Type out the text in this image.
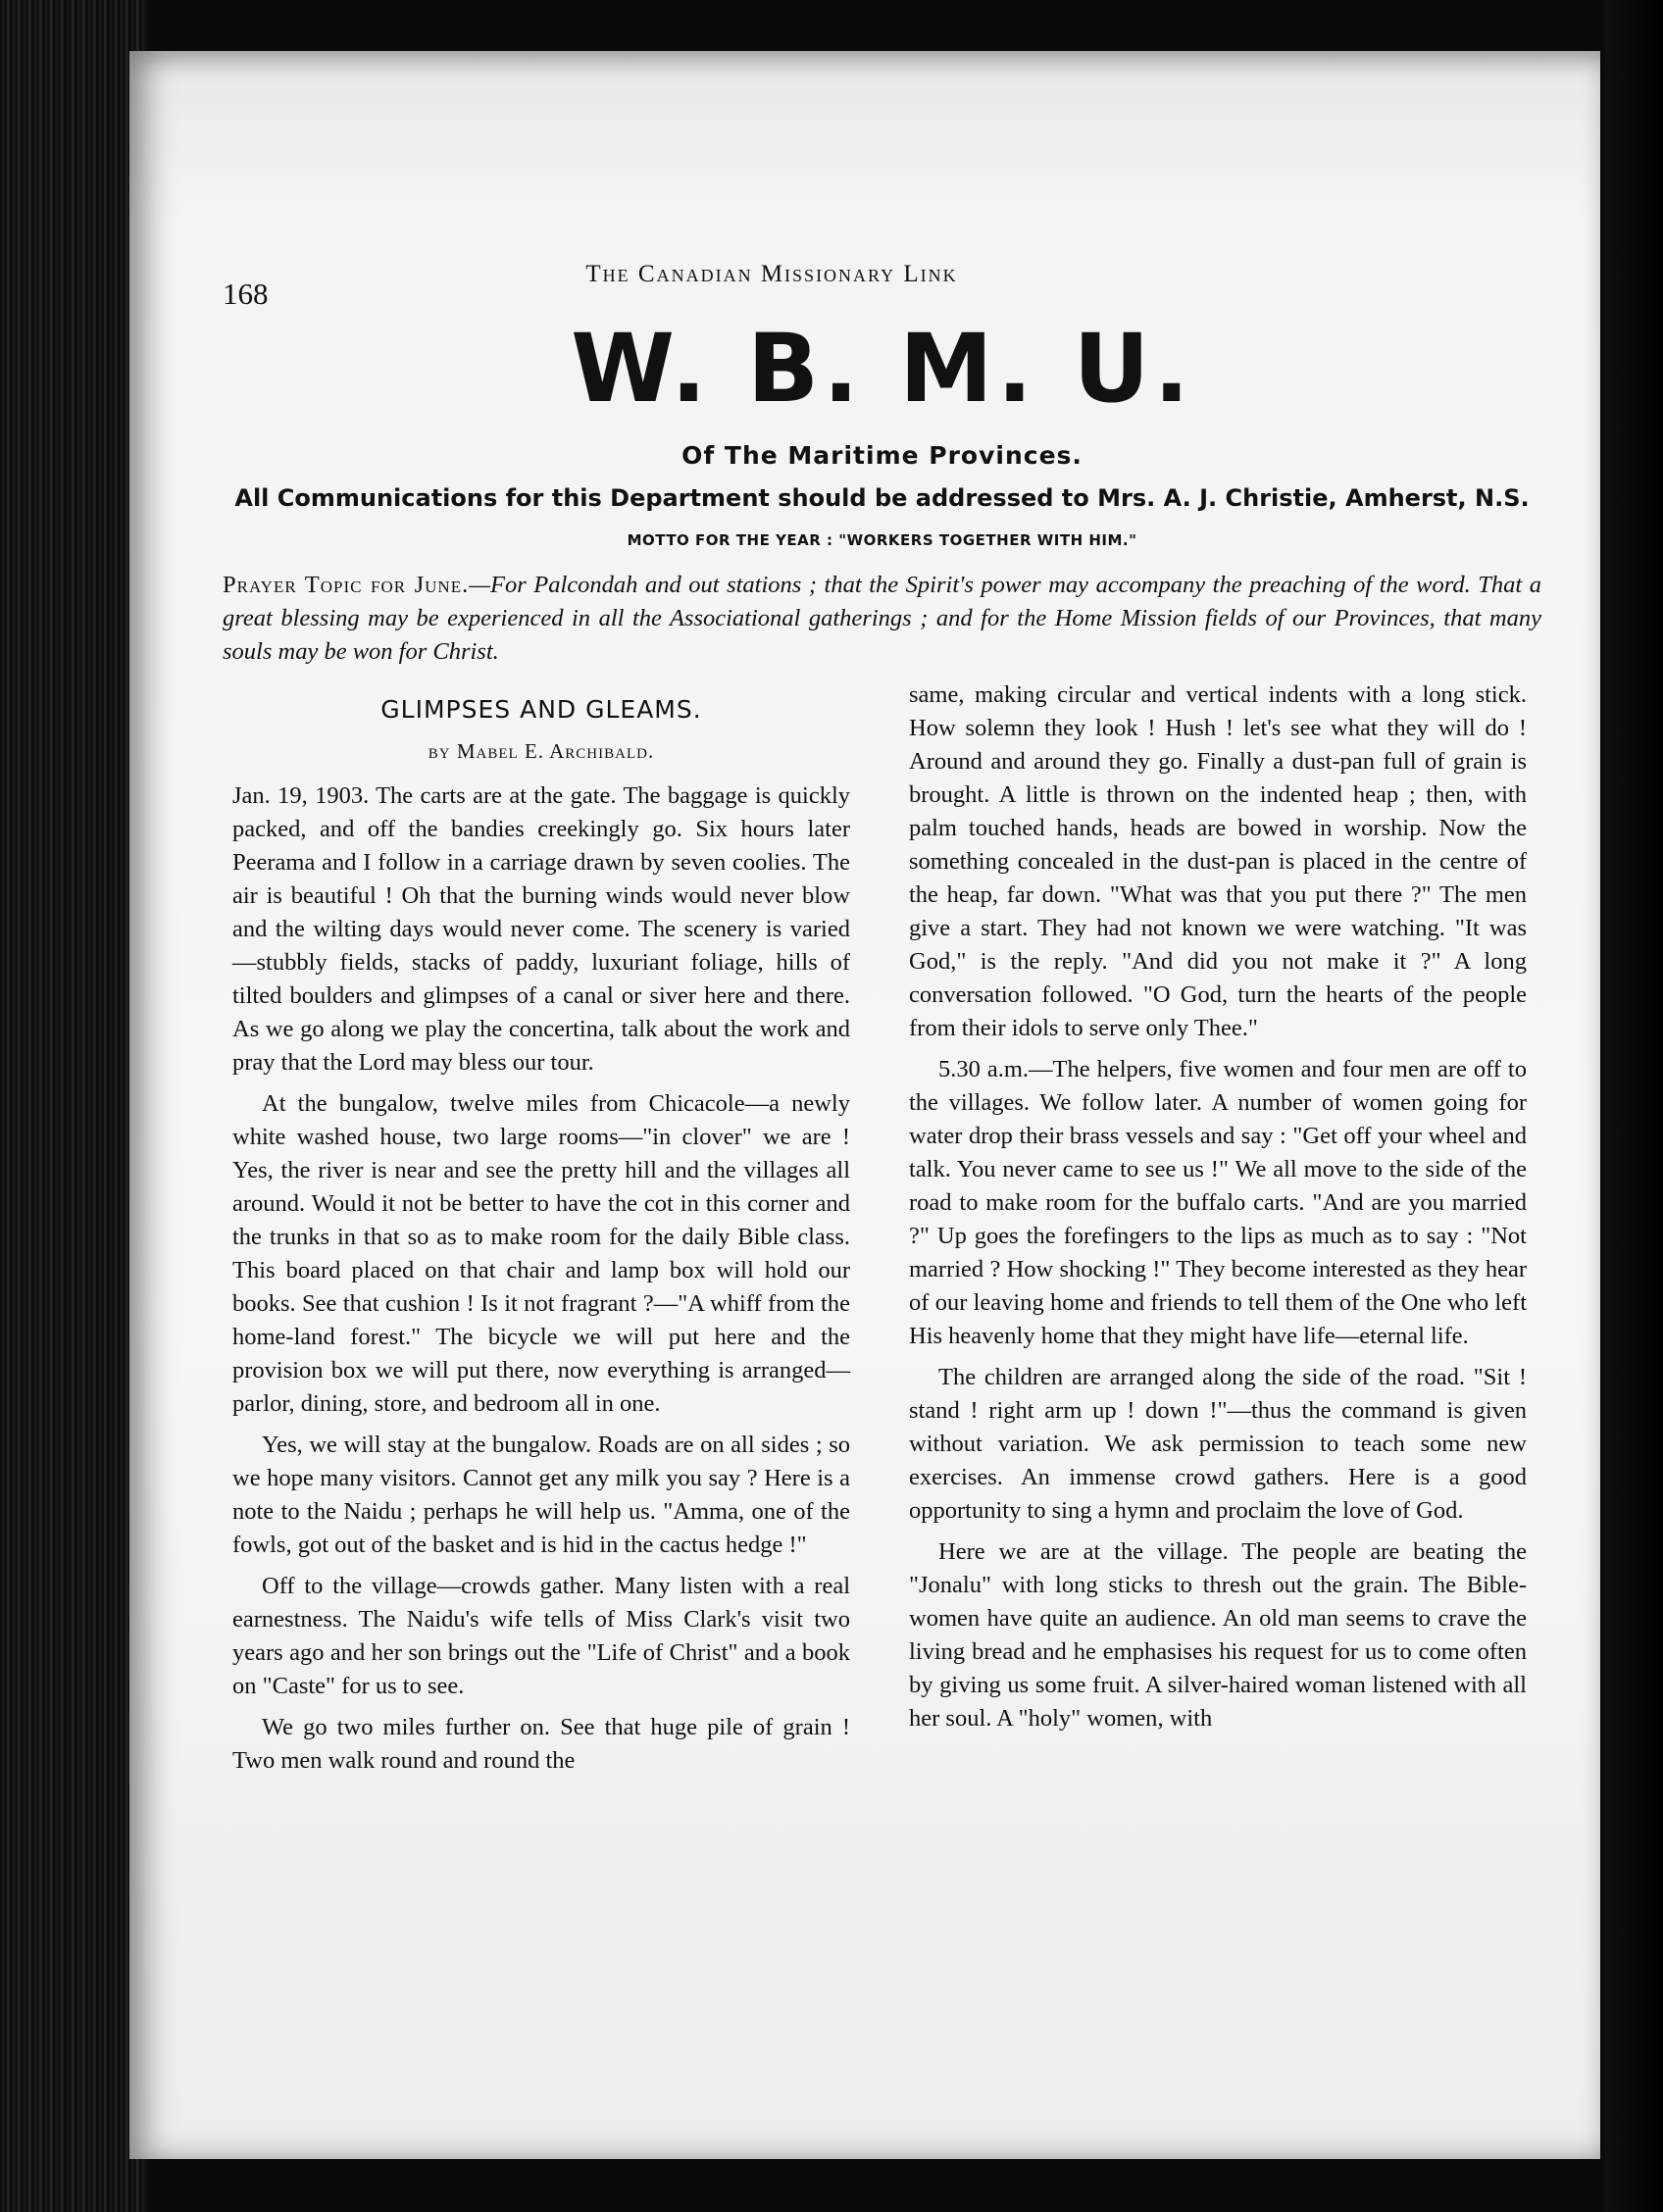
168
The Canadian Missionary Link
W. B. M. U.
Of The Maritime Provinces.
All Communications for this Department should be addressed to Mrs. A. J. Christie, Amherst, N.S.
MOTTO FOR THE YEAR : "WORKERS TOGETHER WITH HIM."
Prayer Topic for June.—For Palcondah and out stations ; that the Spirit's power may accompany the preaching of the word. That a great blessing may be experienced in all the Associational gatherings ; and for the Home Mission fields of our Provinces, that many souls may be won for Christ.
GLIMPSES AND GLEAMS.
by Mabel E. Archibald.

Jan. 19, 1903. The carts are at the gate. The baggage is quickly packed, and off the bandies creekingly go. Six hours later Peerama and I follow in a carriage drawn by seven coolies. The air is beautiful ! Oh that the burning winds would never blow and the wilting days would never come. The scenery is varied—stubbly fields, stacks of paddy, luxuriant foliage, hills of tilted boulders and glimpses of a canal or siver here and there. As we go along we play the concertina, talk about the work and pray that the Lord may bless our tour.

At the bungalow, twelve miles from Chicacole—a newly white washed house, two large rooms—"in clover" we are ! Yes, the river is near and see the pretty hill and the villages all around. Would it not be better to have the cot in this corner and the trunks in that so as to make room for the daily Bible class. This board placed on that chair and lamp box will hold our books. See that cushion ! Is it not fragrant ?—"A whiff from the home-land forest." The bicycle we will put here and the provision box we will put there, now everything is arranged—parlor, dining, store, and bedroom all in one.

Yes, we will stay at the bungalow. Roads are on all sides ; so we hope many visitors. Cannot get any milk you say ? Here is a note to the Naidu ; perhaps he will help us. "Amma, one of the fowls, got out of the basket and is hid in the cactus hedge !"

Off to the village—crowds gather. Many listen with a real earnestness. The Naidu's wife tells of Miss Clark's visit two years ago and her son brings out the "Life of Christ" and a book on "Caste" for us to see.

We go two miles further on. See that huge pile of grain ! Two men walk round and round the

same, making circular and vertical indents with a long stick. How solemn they look ! Hush ! let's see what they will do ! Around and around they go. Finally a dust-pan full of grain is brought. A little is thrown on the indented heap ; then, with palm touched hands, heads are bowed in worship. Now the something concealed in the dust-pan is placed in the centre of the heap, far down. "What was that you put there ?" The men give a start. They had not known we were watching. "It was God," is the reply. "And did you not make it ?" A long conversation followed. "O God, turn the hearts of the people from their idols to serve only Thee."

5.30 a.m.—The helpers, five women and four men are off to the villages. We follow later. A number of women going for water drop their brass vessels and say : "Get off your wheel and talk. You never came to see us !" We all move to the side of the road to make room for the buffalo carts. "And are you married ?" Up goes the forefingers to the lips as much as to say : "Not married ? How shocking !" They become interested as they hear of our leaving home and friends to tell them of the One who left His heavenly home that they might have life—eternal life.

The children are arranged along the side of the road. "Sit ! stand ! right arm up ! down !"—thus the command is given without variation. We ask permission to teach some new exercises. An immense crowd gathers. Here is a good opportunity to sing a hymn and proclaim the love of God.

Here we are at the village. The people are beating the "Jonalu" with long sticks to thresh out the grain. The Bible-women have quite an audience. An old man seems to crave the living bread and he emphasises his request for us to come often by giving us some fruit. A silver-haired woman listened with all her soul. A "holy" women, with
